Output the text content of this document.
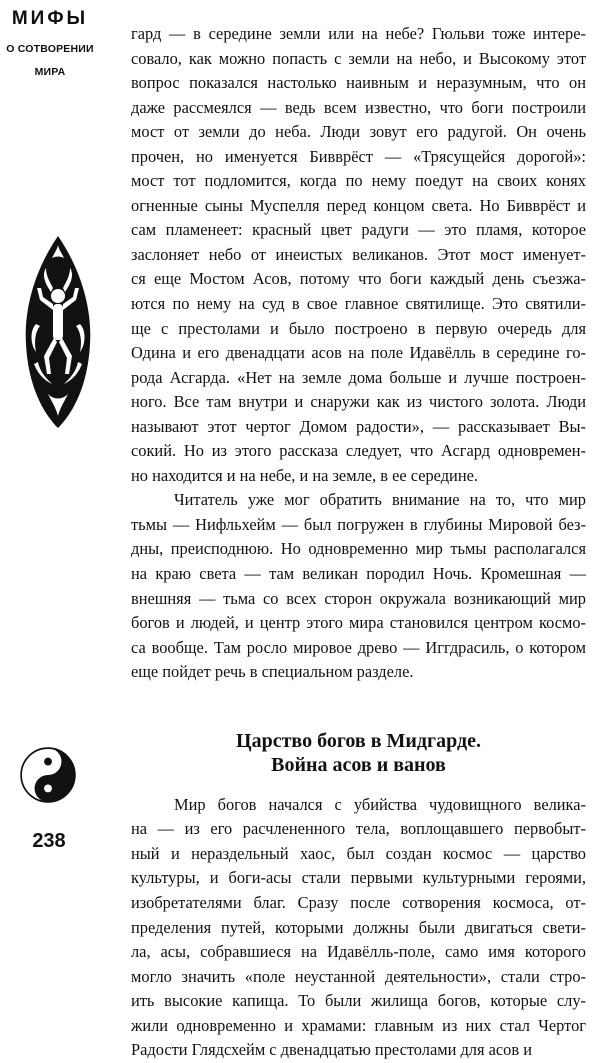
МИФЫ
О СОТВОРЕНИИ
МИРА
238

гард — в середине земли или на небе? Гюльви тоже интере-
совало, как можно попасть с земли на небо, и Высокому этот
вопрос показался настолько наивным и неразумным, что он
даже рассмеялся — ведь всем известно, что боги построили
мост от земли до неба. Люди зовут его радугой. Он очень
прочен, но именуется Бивврёст — «Трясущейся дорогой»:
мост тот подломится, когда по нему поедут на своих конях
огненные сыны Муспелля перед концом света. Но Бивврёст и
сам пламенеет: красный цвет радуги — это пламя, которое
заслоняет небо от инеистых великанов. Этот мост именует-
ся еще Мостом Асов, потому что боги каждый день съезжа-
ются по нему на суд в свое главное святилище. Это святили-
ще с престолами и было построено в первую очередь для
Одина и его двенадцати асов на поле Идавёлль в середине го-
рода Асгарда. «Нет на земле дома больше и лучше построен-
ного. Все там внутри и снаружи как из чистого золота. Люди
называют этот чертог Домом радости», — рассказывает Вы-
сокий. Но из этого рассказа следует, что Асгард одновремен-
но находится и на небе, и на земле, в ее середине.

Читатель уже мог обратить внимание на то, что мир
тьмы — Нифльхейм — был погружен в глубины Мировой без-
дны, преисподнюю. Но одновременно мир тьмы располагался
на краю света — там великан породил Ночь. Кромешная —
внешняя — тьма со всех сторон окружала возникающий мир
богов и людей, и центр этого мира становился центром космо-
са вообще. Там росло мировое древо — Иггдрасиль, о котором
еще пойдет речь в специальном разделе.

Царство богов в Мидгарде.
Война асов и ванов

Мир богов начался с убийства чудовищного велика-
на — из его расчлененного тела, воплощавшего первобыт-
ный и нераздельный хаос, был создан космос — царство
культуры, и боги-асы стали первыми культурными героями,
изобретателями благ. Сразу после сотворения космоса, от-
пределения путей, которыми должны были двигаться свети-
ла, асы, собравшиеся на Идавёлль-поле, само имя которого
могло значить «поле неустанной деятельности», стали стро-
ить высокие капища. То были жилища богов, которые слу-
жили одновременно и храмами: главным из них стал Чертог
Радости Глядсхейм с двенадцатью престолами для асов и
